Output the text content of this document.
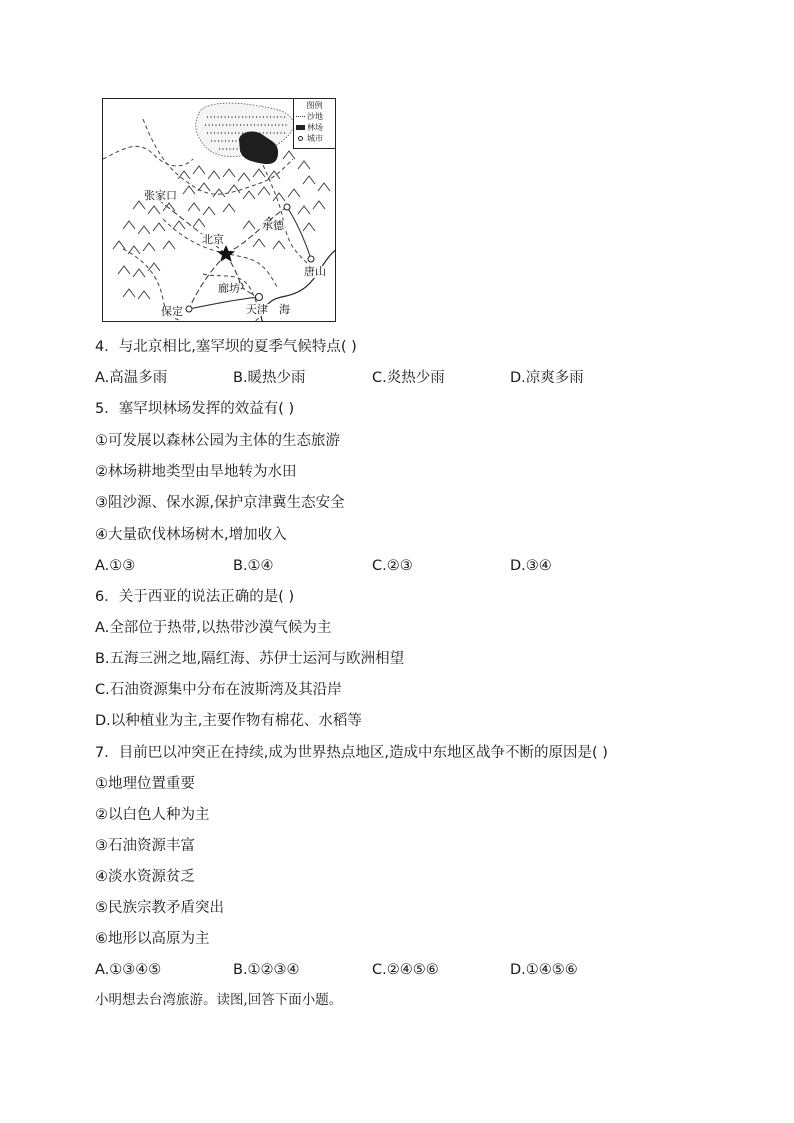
图例
沙地
林场
城市
张家口
承德
北京
唐山
廊坊
保定	天津 海
4．与北京相比,塞罕坝的夏季气候特点( )
A.高温多雨	B.暖热少雨	C.炎热少雨	D.凉爽多雨
5．塞罕坝林场发挥的效益有( )
①可发展以森林公园为主体的生态旅游
②林场耕地类型由旱地转为水田
③阻沙源、保水源,保护京津冀生态安全
④大量砍伐林场树木,增加收入
A.①③	B.①④	C.②③	D.③④
6．关于西亚的说法正确的是( )
A.全部位于热带,以热带沙漠气候为主
B.五海三洲之地,隔红海、苏伊士运河与欧洲相望
C.石油资源集中分布在波斯湾及其沿岸
D.以种植业为主,主要作物有棉花、水稻等
7．目前巴以冲突正在持续,成为世界热点地区,造成中东地区战争不断的原因是( )
①地理位置重要
②以白色人种为主
③石油资源丰富
④淡水资源贫乏
⑤民族宗教矛盾突出
⑥地形以高原为主
A.①③④⑤	B.①②③④	C.②④⑤⑥	D.①④⑤⑥
小明想去台湾旅游。读图,回答下面小题。
